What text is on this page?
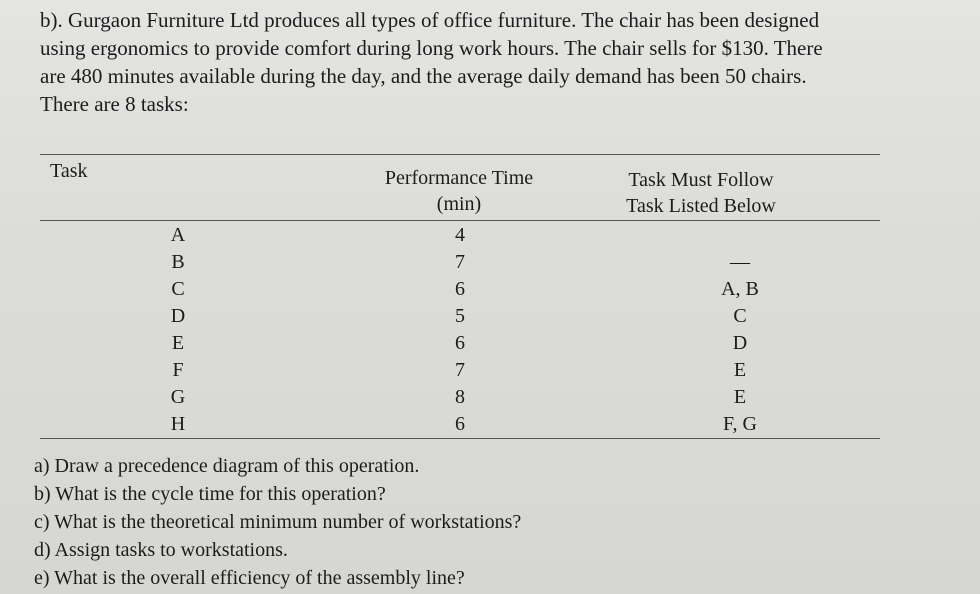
b). Gurgaon Furniture Ltd produces all types of office furniture. The chair has been designed

using ergonomics to provide comfort during long work hours. The chair sells for $130. There

are 480 minutes available during the day, and the average daily demand has been 50 chairs.

There are 8 tasks:

Task	Performance Time
(min)
Task Must Follow
Task Listed Below
A
B
C
D
E
F
G
H
4
7
6
5
6
7
8
6
—
A, B
C
D
E
E
F, G
a) Draw a precedence diagram of this operation.
b) What is the cycle time for this operation?
c) What is the theoretical minimum number of workstations?
d) Assign tasks to workstations.
e) What is the overall efficiency of the assembly line?
